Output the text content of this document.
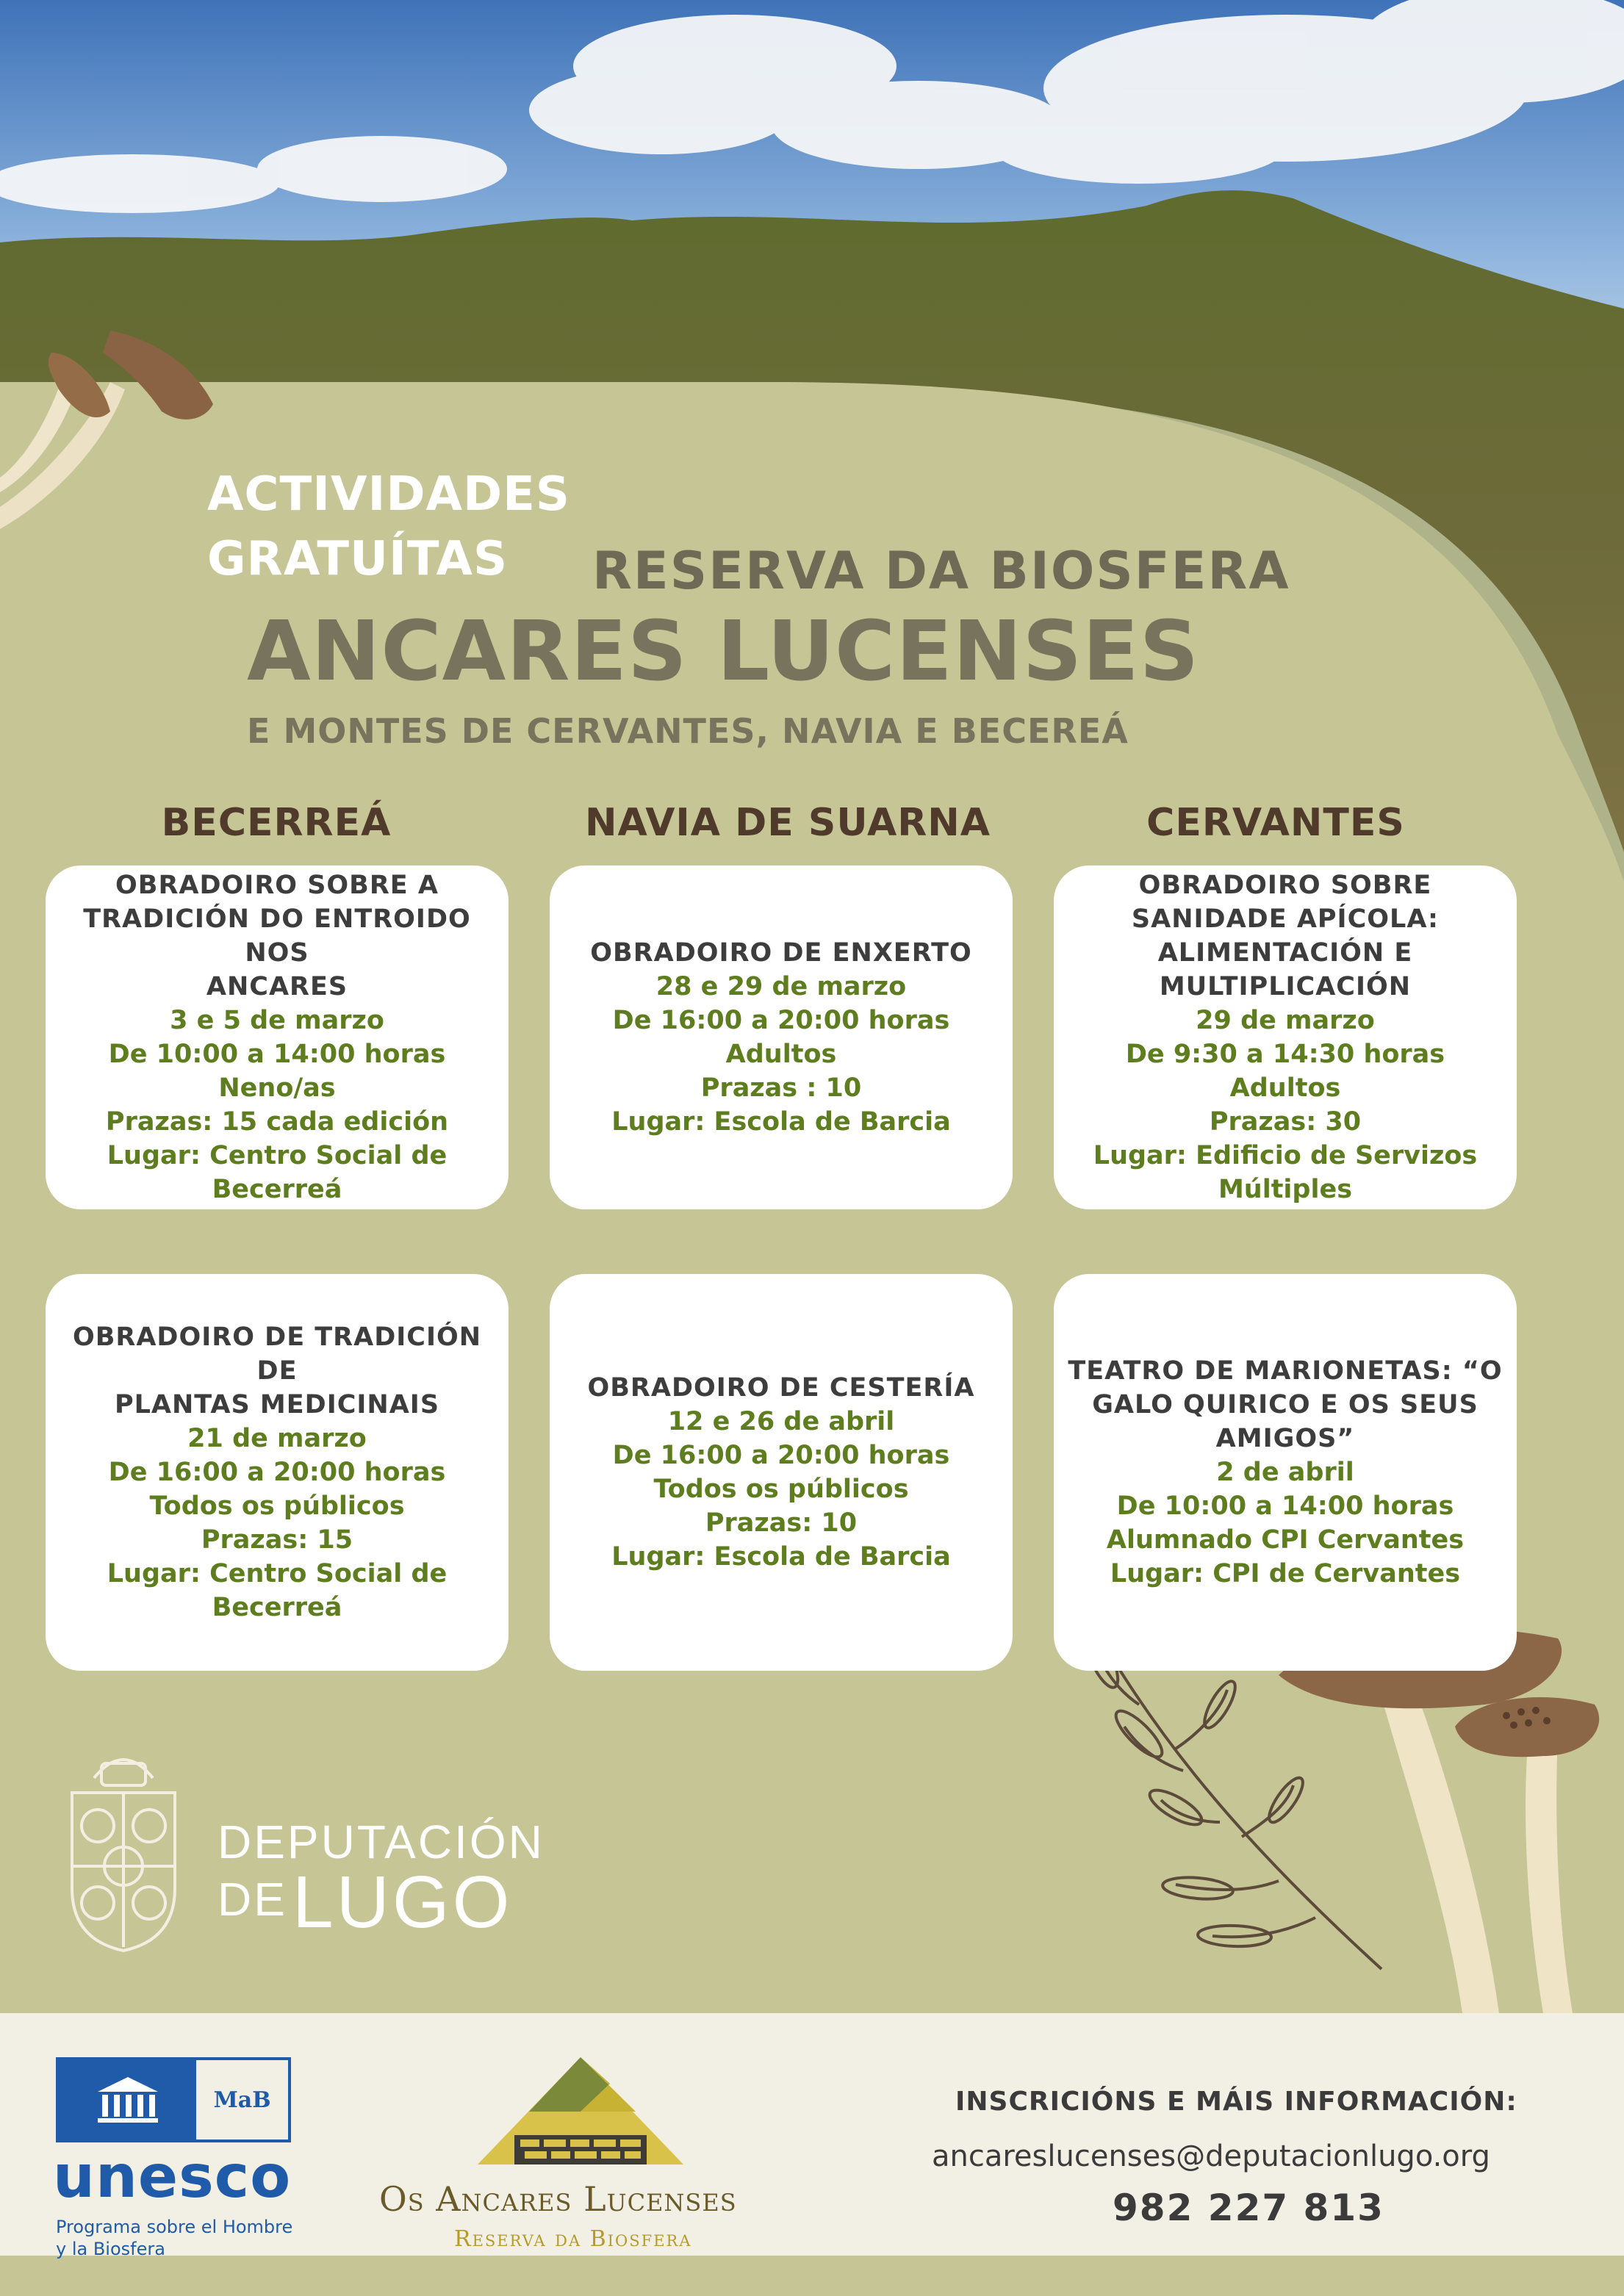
ACTIVIDADES
GRATUÍTAS RESERVA DA BIOSFERA
ANCARES LUCENSES
E MONTES DE CERVANTES, NAVIA E BECEREÁ
BECERREÁ	NAVIA DE SUARNA	CERVANTES
OBRADOIRO SOBRE A
TRADICIÓN DO ENTROIDO NOS
ANCARES
3 e 5 de marzo
De 10:00 a 14:00 horas
Neno/as
Prazas: 15 cada edición
Lugar: Centro Social de
Becerreá
OBRADOIRO DE ENXERTO
28 e 29 de marzo
De 16:00 a 20:00 horas
Adultos
Prazas : 10
Lugar: Escola de Barcia
OBRADOIRO SOBRE
SANIDADE APÍCOLA:
ALIMENTACIÓN E
MULTIPLICACIÓN
29 de marzo
De 9:30 a 14:30 horas
Adultos
Prazas: 30
Lugar: Edificio de Servizos
Múltiples
OBRADOIRO DE TRADICIÓN DE
PLANTAS MEDICINAIS
21 de marzo
De 16:00 a 20:00 horas
Todos os públicos
Prazas: 15
Lugar: Centro Social de
Becerreá
OBRADOIRO DE CESTERÍA
12 e 26 de abril
De 16:00 a 20:00 horas
Todos os públicos
Prazas: 10
Lugar: Escola de Barcia
TEATRO DE MARIONETAS: “O
GALO QUIRICO E OS SEUS
AMIGOS”
2 de abril
De 10:00 a 14:00 horas
Alumnado CPI Cervantes
Lugar: CPI de Cervantes
DEPUTACIÓN
DE LUGO
MaB
unesco
Programa sobre el Hombre
y la Biosfera
Os Ancares Lucenses
Reserva da Biosfera
INSCRICIÓNS E MÁIS INFORMACIÓN:
ancareslucenses@deputacionlugo.org
982 227 813
